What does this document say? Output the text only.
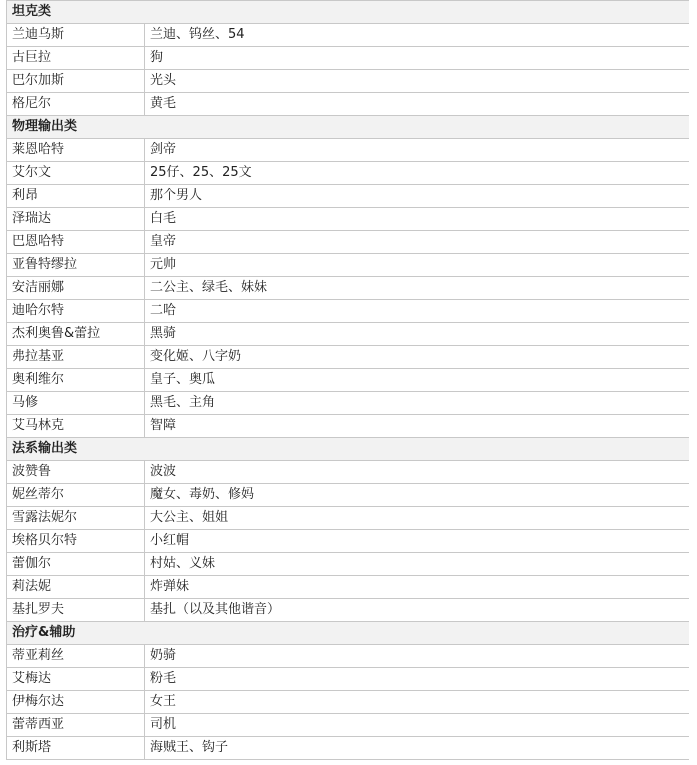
坦克类	
兰迪乌斯	兰迪、钨丝、54
古巨拉	狗
巴尔加斯	光头
格尼尔	黄毛
物理输出类	
莱恩哈特	剑帝
艾尔文	25仔、25、25文
利昂	那个男人
泽瑞达	白毛
巴恩哈特	皇帝
亚鲁特缪拉	元帅
安洁丽娜	二公主、绿毛、妹妹
迪哈尔特	二哈
杰利奥鲁&蕾拉	黑骑
弗拉基亚	变化姬、八字奶
奥利维尔	皇子、奥瓜
马修	黑毛、主角
艾马林克	智障
法系输出类	
波赞鲁	波波
妮丝蒂尔	魔女、毒奶、修妈
雪露法妮尔	大公主、姐姐
埃格贝尔特	小红帽
蕾伽尔	村姑、义妹
莉法妮	炸弹妹
基扎罗夫	基扎（以及其他谐音）
治疗&辅助	
蒂亚莉丝	奶骑
艾梅达	粉毛
伊梅尔达	女王
蕾蒂西亚	司机
利斯塔	海贼王、钩子
